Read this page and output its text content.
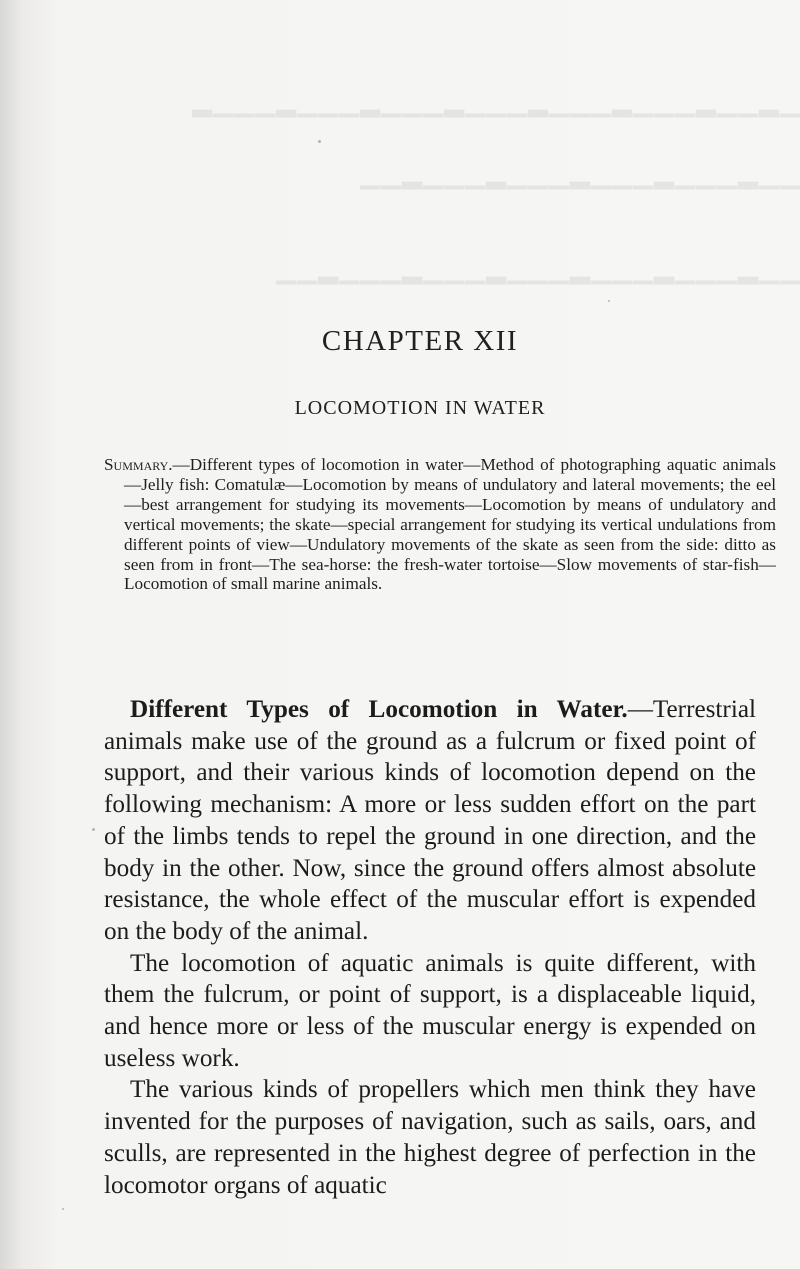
▁▂▁▁▂▁▁▁▂▁▁▁▂▁▁▁▂▁▁▁▂▁▁▁▂▁▁▁▂
▁▁▂▁▁▁▂▁▁▁▂▁▁▁▂▁▁▁▂▁▁
▁▁▂▁▁▁▂▁▁▁▂▁▁▁▂▁▁▁▂▁▁▁▂▁▁
CHAPTER XII
LOCOMOTION IN WATER
Summary.—Different types of locomotion in water—Method of photographing aquatic animals—Jelly fish: Comatulæ—Locomotion by means of undulatory and lateral movements; the eel—best arrangement for studying its movements—Locomotion by means of undulatory and vertical movements; the skate—special arrangement for studying its vertical undulations from different points of view—Undulatory movements of the skate as seen from the side: ditto as seen from in front—The sea-horse: the fresh-water tortoise—Slow movements of star-fish—Locomotion of small marine animals.

Different Types of Locomotion in Water.—Terrestrial animals make use of the ground as a fulcrum or fixed point of support, and their various kinds of locomotion depend on the following mechanism: A more or less sudden effort on the part of the limbs tends to repel the ground in one direction, and the body in the other. Now, since the ground offers almost absolute resistance, the whole effect of the muscular effort is expended on the body of the animal.

The locomotion of aquatic animals is quite different, with them the fulcrum, or point of support, is a displaceable liquid, and hence more or less of the muscular energy is expended on useless work.

The various kinds of propellers which men think they have invented for the purposes of navigation, such as sails, oars, and sculls, are represented in the highest degree of perfection in the locomotor organs of aquatic
